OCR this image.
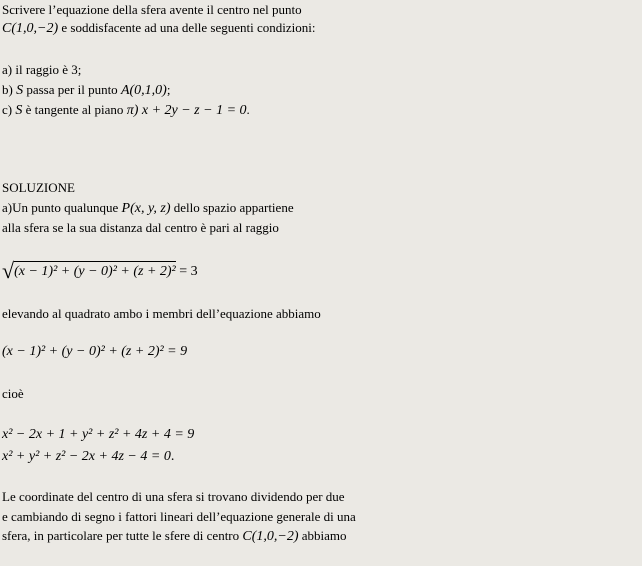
Scrivere l’equazione della sfera avente il centro nel punto
C(1,0,−2) e soddisfacente ad una delle seguenti condizioni:
a) il raggio è 3;
b) S passa per il punto A(0,1,0);
c) S è tangente al piano π) x + 2y − z − 1 = 0.
SOLUZIONE
a)Un punto qualunque P(x, y, z) dello spazio appartiene
alla sfera se la sua distanza dal centro è pari al raggio
√(x − 1)² + (y − 0)² + (z + 2)² = 3
elevando al quadrato ambo i membri dell’equazione abbiamo
(x − 1)² + (y − 0)² + (z + 2)² = 9
cioè
x² − 2x + 1 + y² + z² + 4z + 4 = 9
x² + y² + z² − 2x + 4z − 4 = 0.
Le coordinate del centro di una sfera si trovano dividendo per due
e cambiando di segno i fattori lineari dell’equazione generale di una
sfera, in particolare per tutte le sfere di centro C(1,0,−2) abbiamo
